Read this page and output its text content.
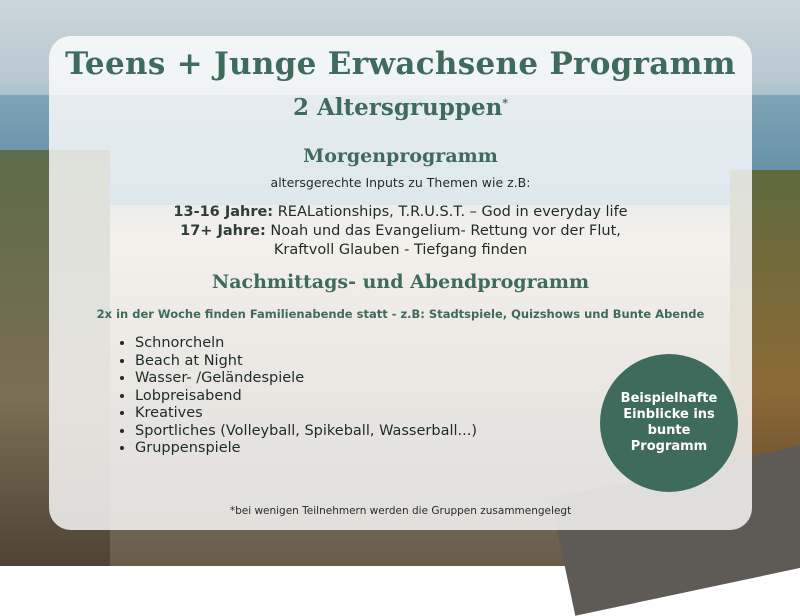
Teens + Junge Erwachsene Programm
2 Altersgruppen*
Morgenprogramm
altersgerechte Inputs zu Themen wie z.B:
13-16 Jahre: REALationships, T.R.U.S.T. – God in everyday life
17+ Jahre: Noah und das Evangelium- Rettung vor der Flut,
Kraftvoll Glauben - Tiefgang finden
Nachmittags- und Abendprogramm
2x in der Woche finden Familienabende statt - z.B: Stadtspiele, Quizshows und Bunte Abende
• Schnorcheln
• Beach at Night
• Wasser- /Geländespiele
• Lobpreisabend
• Kreatives
• Sportliches (Volleyball, Spikeball, Wasserball...)
• Gruppenspiele
Beispielhafte Einblicke ins bunte Programm
*bei wenigen Teilnehmern werden die Gruppen zusammengelegt
